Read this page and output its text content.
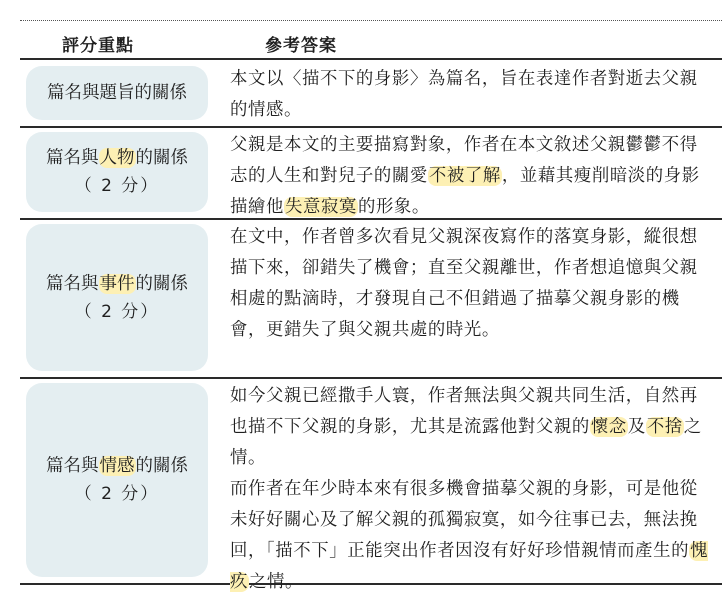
評分重點	參考答案
篇名與題旨的關係
本文以〈描不下的身影〉為篇名，旨在表達作者對逝去父親的情感。
篇名與人物的關係
（ 2 分）
父親是本文的主要描寫對象，作者在本文敘述父親鬱鬱不得志的人生和對兒子的關愛不被了解，並藉其瘦削暗淡的身影描繪他失意寂寞的形象。
篇名與事件的關係
（ 2 分）
在文中，作者曾多次看見父親深夜寫作的落寞身影，縱很想描下來，卻錯失了機會；直至父親離世，作者想追憶與父親相處的點滴時，才發現自己不但錯過了描摹父親身影的機會，更錯失了與父親共處的時光。
篇名與情感的關係
（ 2 分）
如今父親已經撒手人寰，作者無法與父親共同生活，自然再也描不下父親的身影，尤其是流露他對父親的懷念及不捨之情。
而作者在年少時本來有很多機會描摹父親的身影，可是他從未好好關心及了解父親的孤獨寂寞，如今往事已去，無法挽回，「描不下」正能突出作者因沒有好好珍惜親情而產生的愧疚之情。
